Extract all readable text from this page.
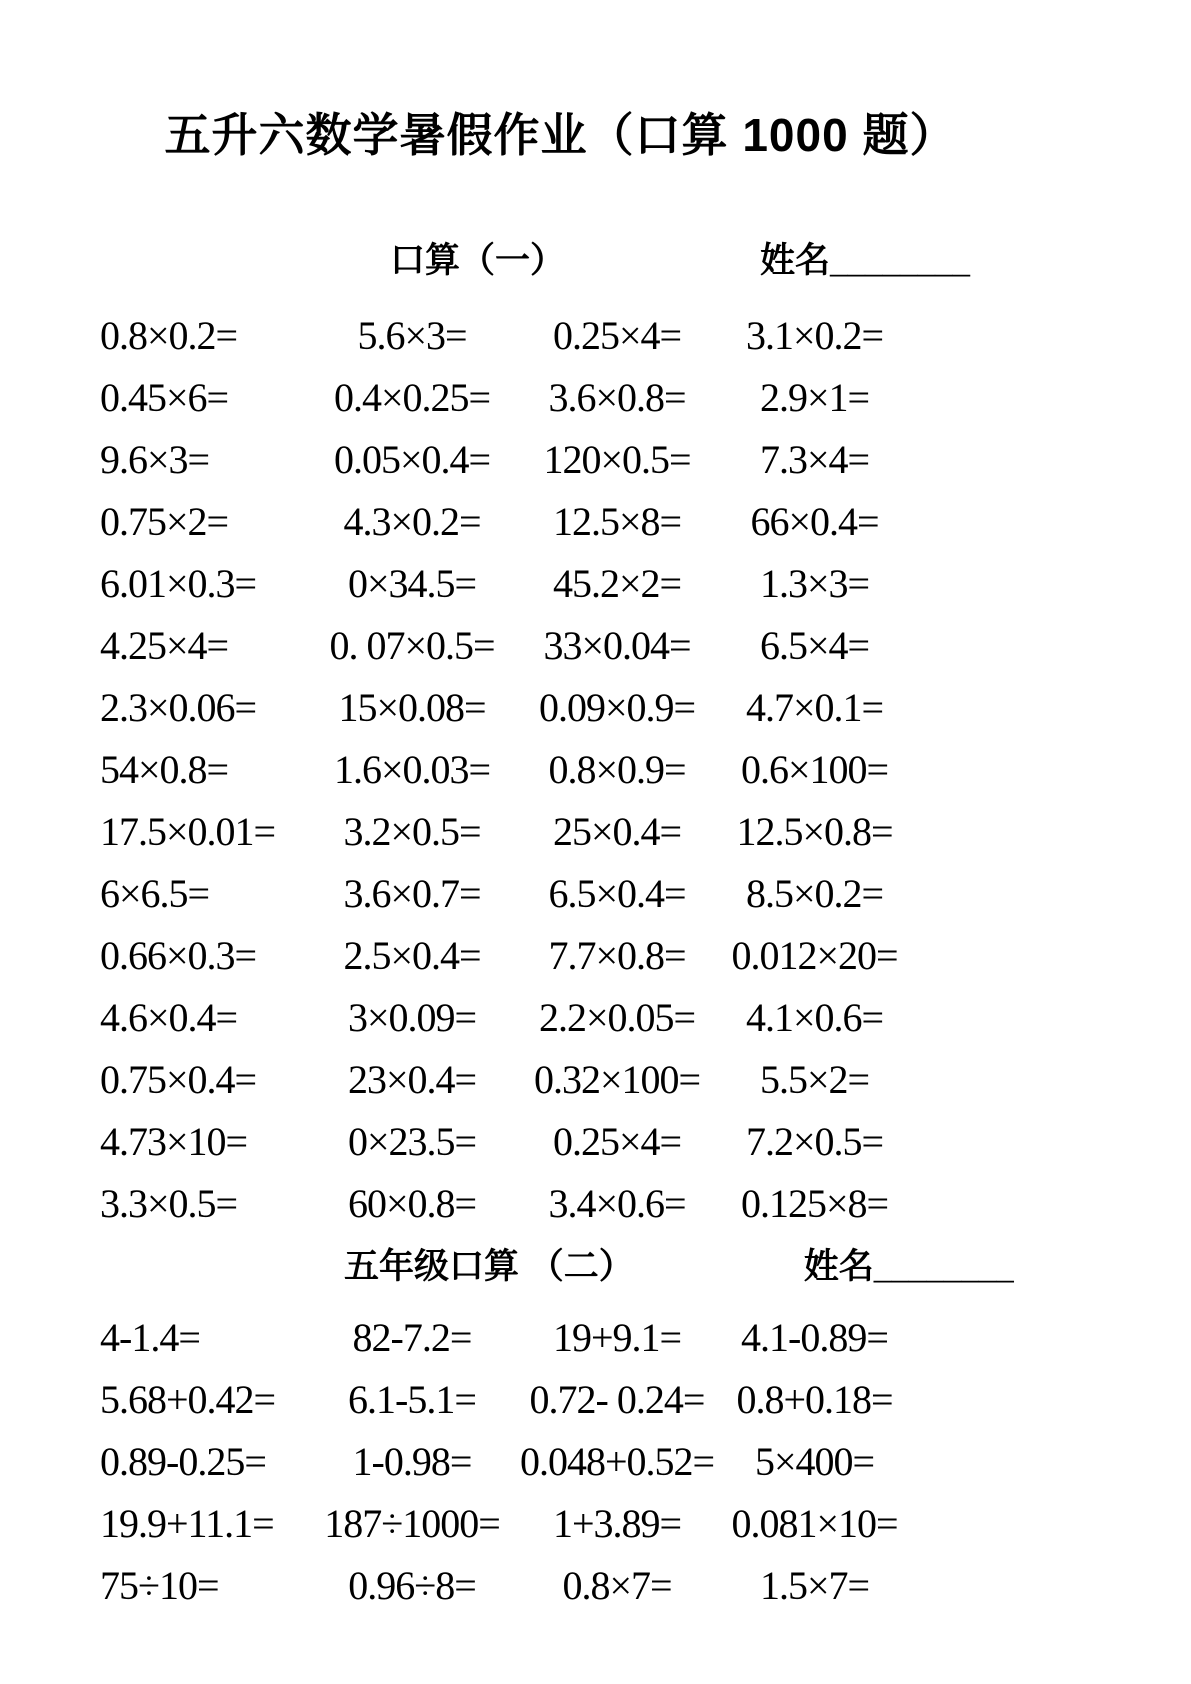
五升六数学暑假作业（口算 1000 题）
口算（一）	姓名 ________
0.8×0.2=	5.6×3=	0.25×4=	3.1×0.2=
0.45×6=	0.4×0.25=	3.6×0.8=	2.9×1=
9.6×3=	0.05×0.4=	120×0.5=	7.3×4=
0.75×2=	4.3×0.2=	12.5×8=	66×0.4=
6.01×0.3=	0×34.5=	45.2×2=	1.3×3=
4.25×4=	0. 07×0.5=	33×0.04=	6.5×4=
2.3×0.06=	15×0.08=	0.09×0.9=	4.7×0.1=
54×0.8=	1.6×0.03=	0.8×0.9=	0.6×100=
17.5×0.01=	3.2×0.5=	25×0.4=	12.5×0.8=
6×6.5=	3.6×0.7=	6.5×0.4=	8.5×0.2=
0.66×0.3=	2.5×0.4=	7.7×0.8=	0.012×20=
4.6×0.4=	3×0.09=	2.2×0.05=	4.1×0.6=
0.75×0.4=	23×0.4=	0.32×100=	5.5×2=
4.73×10=	0×23.5=	0.25×4=	7.2×0.5=
3.3×0.5=	60×0.8=	3.4×0.6=	0.125×8=
五年级口算 （二）	姓名 ________
4-1.4=	82-7.2=	19+9.1=	4.1-0.89=
5.68+0.42=	6.1-5.1=	0.72- 0.24= 0.8+0.18=
0.89-0.25=	1-0.98=	0.048+0.52=	5×400=
19.9+11.1=	187÷1000=	1+3.89=	0.081×10=
75÷10=	0.96÷8=	0.8×7=	1.5×7=
